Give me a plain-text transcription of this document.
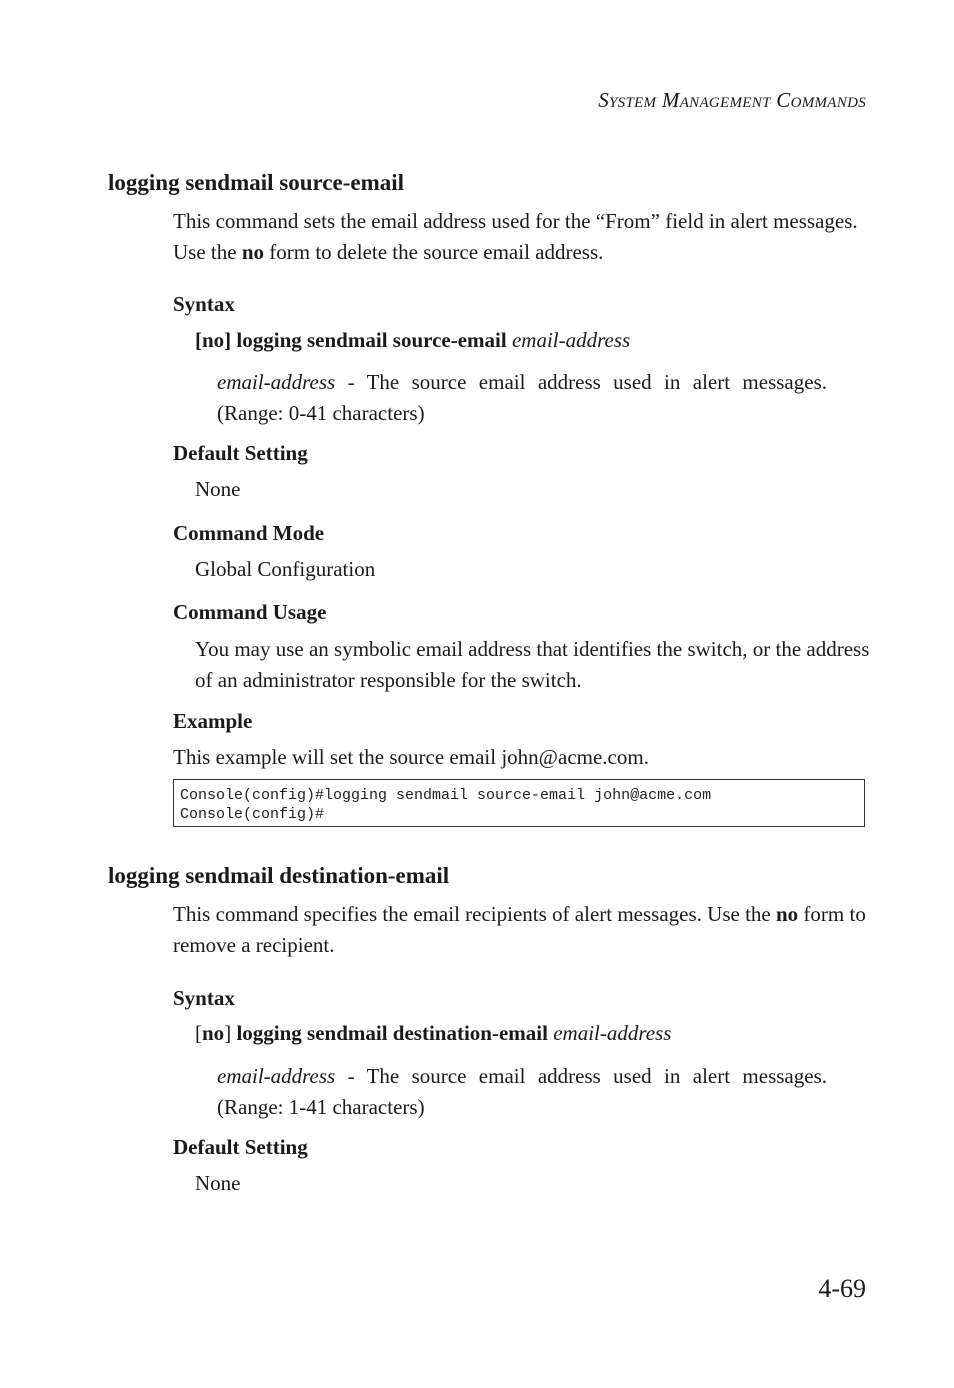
System Management Commands
logging sendmail source-email
This command sets the email address used for the “From” field in alert messages. Use the no form to delete the source email address.
Syntax
[no] logging sendmail source-email email-address
email-address - The source email address used in alert messages. (Range: 0-41 characters)
Default Setting
None
Command Mode
Global Configuration
Command Usage
You may use an symbolic email address that identifies the switch, or the address of an administrator responsible for the switch.
Example
This example will set the source email john@acme.com.
Console(config)#logging sendmail source-email john@acme.com
Console(config)#
logging sendmail destination-email
This command specifies the email recipients of alert messages. Use the no form to remove a recipient.
Syntax
[no] logging sendmail destination-email email-address
email-address - The source email address used in alert messages. (Range: 1-41 characters)
Default Setting
None
4-69
